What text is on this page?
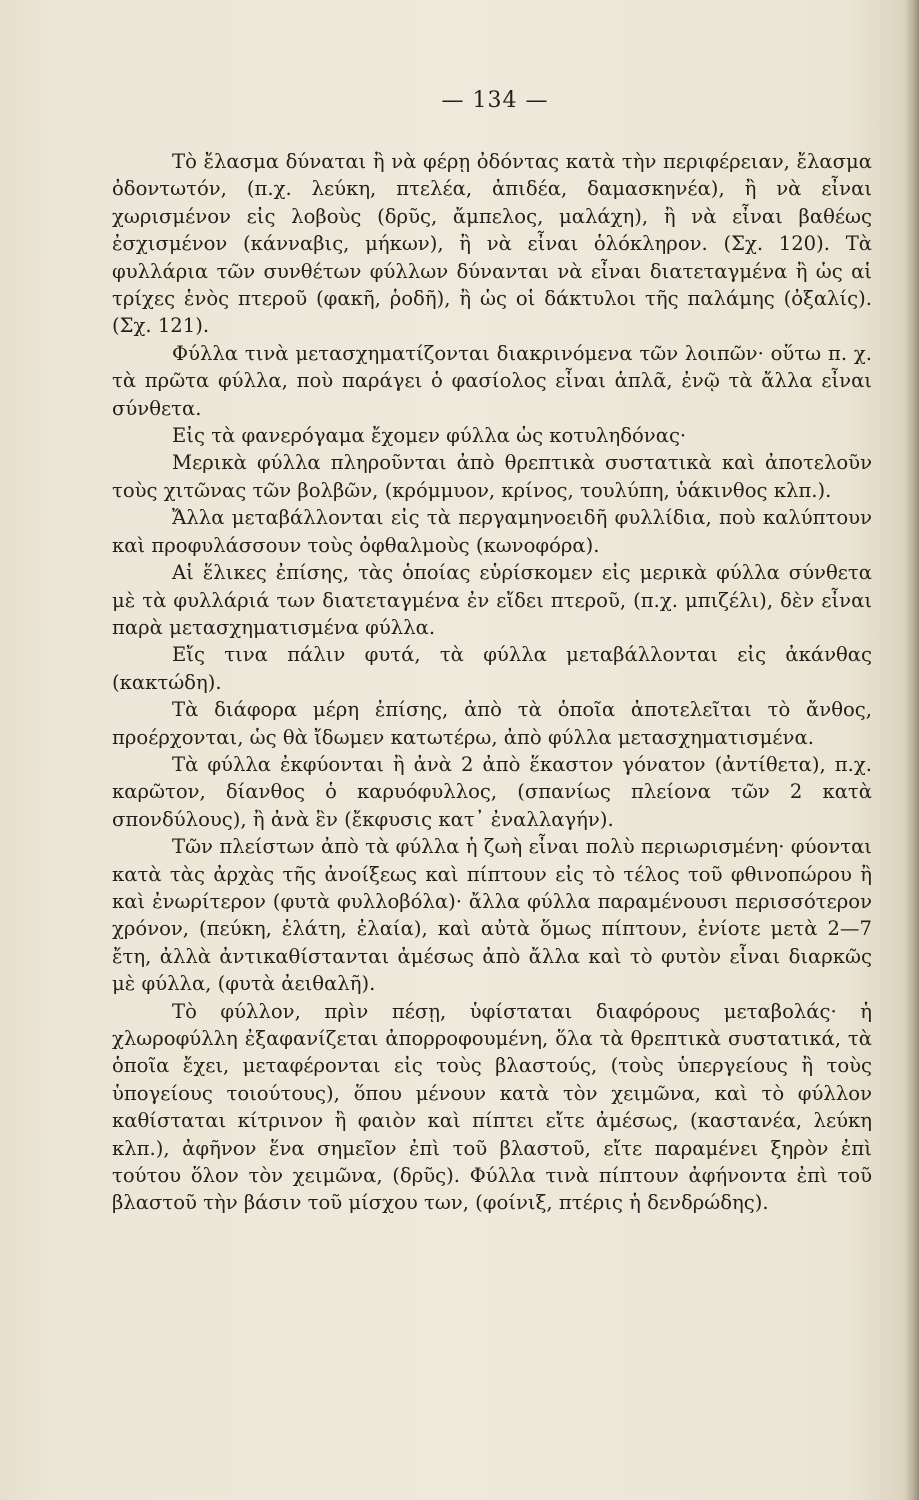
— 134 —

Τὸ ἔλασμα δύναται ἢ νὰ φέρῃ ὀδόντας κατὰ τὴν περιφέρειαν, ἔλασμα ὀδοντωτόν, (π.χ. λεύκη, πτελέα, ἀπιδέα, δαμασκηνέα), ἢ νὰ εἶναι χωρισμένον εἰς λοβοὺς (δρῦς, ἄμπελος, μαλάχη), ἢ νὰ εἶναι βαθέως ἐσχισμένον (κάνναβις, μήκων), ἢ νὰ εἶναι ὁλόκληρον. (Σχ. 120). Τὰ φυλλάρια τῶν συνθέτων φύλλων δύνανται νὰ εἶναι διατεταγμένα ἢ ὡς αἱ τρίχες ἑνὸς πτεροῦ (φακῆ, ῥοδῆ), ἢ ὡς οἱ δάκτυλοι τῆς παλάμης (ὀξαλίς). (Σχ. 121).

Φύλλα τινὰ μετασχηματίζονται διακρινόμενα τῶν λοιπῶν· οὕτω π. χ. τὰ πρῶτα φύλλα, ποὺ παράγει ὁ φασίολος εἶναι ἁπλᾶ, ἐνῷ τὰ ἄλλα εἶναι σύνθετα.

Εἰς τὰ φανερόγαμα ἔχομεν φύλλα ὡς κοτυληδόνας·

Μερικὰ φύλλα πληροῦνται ἀπὸ θρεπτικὰ συστατικὰ καὶ ἀποτελοῦν τοὺς χιτῶνας τῶν βολβῶν, (κρόμμυον, κρίνος, τουλύπη, ὑάκινθος κλπ.).

Ἄλλα μεταβάλλονται εἰς τὰ περγαμηνοειδῆ φυλλίδια, ποὺ καλύπτουν καὶ προφυλάσσουν τοὺς ὀφθαλμοὺς (κωνοφόρα).

Αἱ ἕλικες ἐπίσης, τὰς ὁποίας εὑρίσκομεν εἰς μερικὰ φύλλα σύνθετα μὲ τὰ φυλλάριά των διατεταγμένα ἐν εἴδει πτεροῦ, (π.χ. μπιζέλι), δὲν εἶναι παρὰ μετασχηματισμένα φύλλα.

Εἴς τινα πάλιν φυτά, τὰ φύλλα μεταβάλλονται εἰς ἀκάνθας (κακτώδη).

Τὰ διάφορα μέρη ἐπίσης, ἀπὸ τὰ ὁποῖα ἀποτελεῖται τὸ ἄνθος, προέρχονται, ὡς θὰ ἴδωμεν κατωτέρω, ἀπὸ φύλλα μετασχηματισμένα.

Τὰ φύλλα ἐκφύονται ἢ ἀνὰ 2 ἀπὸ ἕκαστον γόνατον (ἀντίθετα), π.χ. καρῶτον, δίανθος ὁ καρυόφυλλος, (σπανίως πλείονα τῶν 2 κατὰ σπονδύλους), ἢ ἀνὰ ἓν (ἔκφυσις κατ᾽ ἐναλλαγήν).

Τῶν πλείστων ἀπὸ τὰ φύλλα ἡ ζωὴ εἶναι πολὺ περιωρισμένη· φύονται κατὰ τὰς ἀρχὰς τῆς ἀνοίξεως καὶ πίπτουν εἰς τὸ τέλος τοῦ φθινοπώρου ἢ καὶ ἐνωρίτερον (φυτὰ φυλλοβόλα)· ἄλλα φύλλα παραμένουσι περισσότερον χρόνον, (πεύκη, ἐλάτη, ἐλαία), καὶ αὐτὰ ὅμως πίπτουν, ἐνίοτε μετὰ 2—7 ἔτη, ἀλλὰ ἀντικαθίστανται ἀμέσως ἀπὸ ἄλλα καὶ τὸ φυτὸν εἶναι διαρκῶς μὲ φύλλα, (φυτὰ ἀειθαλῆ).

Τὸ φύλλον, πρὶν πέσῃ, ὑφίσταται διαφόρους μεταβολάς· ἡ χλωροφύλλη ἐξαφανίζεται ἀπορροφουμένη, ὅλα τὰ θρεπτικὰ συστατικά, τὰ ὁποῖα ἔχει, μεταφέρονται εἰς τοὺς βλαστούς, (τοὺς ὑπεργείους ἢ τοὺς ὑπογείους τοιούτους), ὅπου μένουν κατὰ τὸν χειμῶνα, καὶ τὸ φύλλον καθίσταται κίτρινον ἢ φαιὸν καὶ πίπτει εἴτε ἀμέσως, (καστανέα, λεύκη κλπ.), ἀφῆνον ἕνα σημεῖον ἐπὶ τοῦ βλαστοῦ, εἴτε παραμένει ξηρὸν ἐπὶ τούτου ὅλον τὸν χειμῶνα, (δρῦς). Φύλλα τινὰ πίπτουν ἀφήνοντα ἐπὶ τοῦ βλαστοῦ τὴν βάσιν τοῦ μίσχου των, (φοίνιξ, πτέρις ἡ δενδρώδης).
